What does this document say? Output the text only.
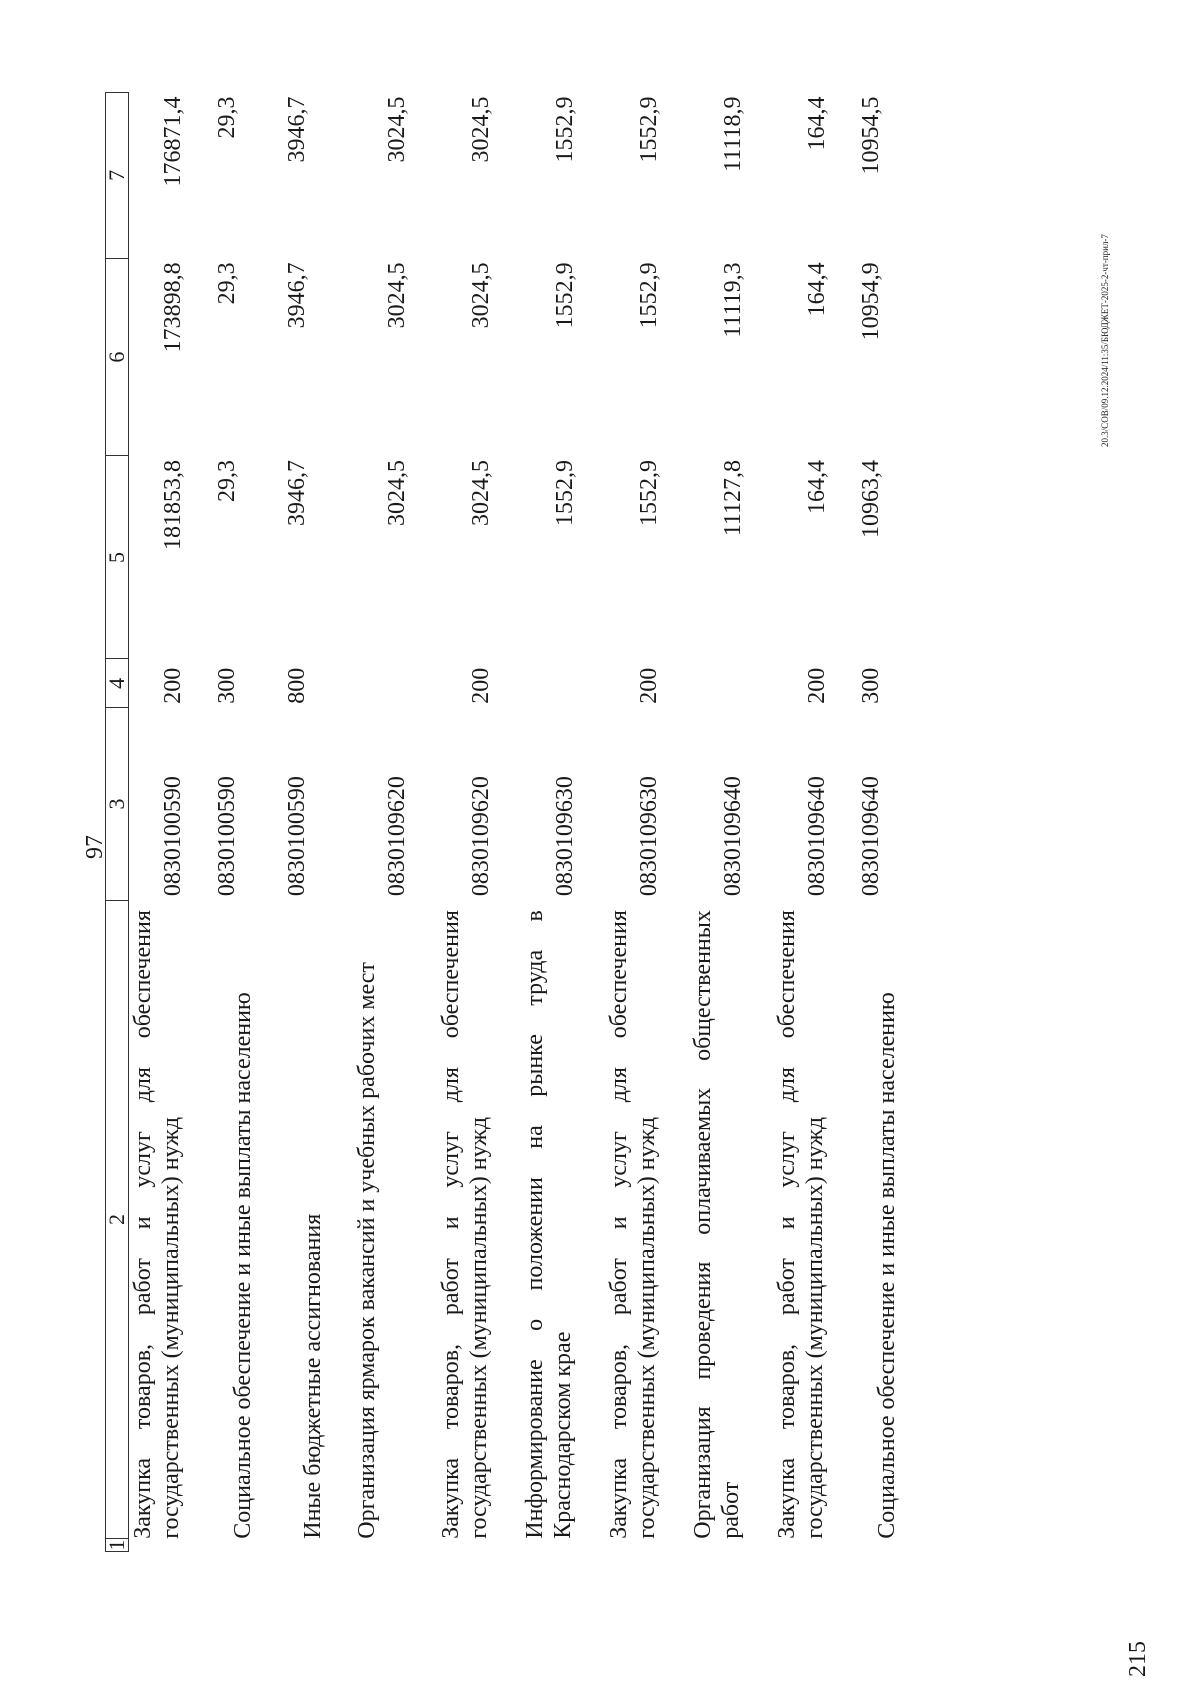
97
1	2	3	4	5	6	7
	Закупка товаров, работ и услуг для обеспечения государственных (муниципальных) нужд	0830100590	200	181853,8	173898,8	176871,4
	Социальное обеспечение и иные выплаты населению	0830100590	300	29,3	29,3	29,3
	Иные бюджетные ассигнования	0830100590	800	3946,7	3946,7	3946,7
	Организация ярмарок вакансий и учебных рабочих мест	0830109620		3024,5	3024,5	3024,5
	Закупка товаров, работ и услуг для обеспечения государственных (муниципальных) нужд	0830109620	200	3024,5	3024,5	3024,5
	Информирование о положении на рынке труда в Краснодарском крае	0830109630		1552,9	1552,9	1552,9
	Закупка товаров, работ и услуг для обеспечения государственных (муниципальных) нужд	0830109630	200	1552,9	1552,9	1552,9
	Организация проведения оплачиваемых общественных работ	0830109640		11127,8	11119,3	11118,9
	Закупка товаров, работ и услуг для обеспечения государственных (муниципальных) нужд	0830109640	200	164,4	164,4	164,4
	Социальное обеспечение и иные выплаты населению	0830109640	300	10963,4	10954,9	10954,5
20.3/СОВ/09.12.2024/11:35/БЮДЖЕТ-2025-2-чт-прил-7
215
